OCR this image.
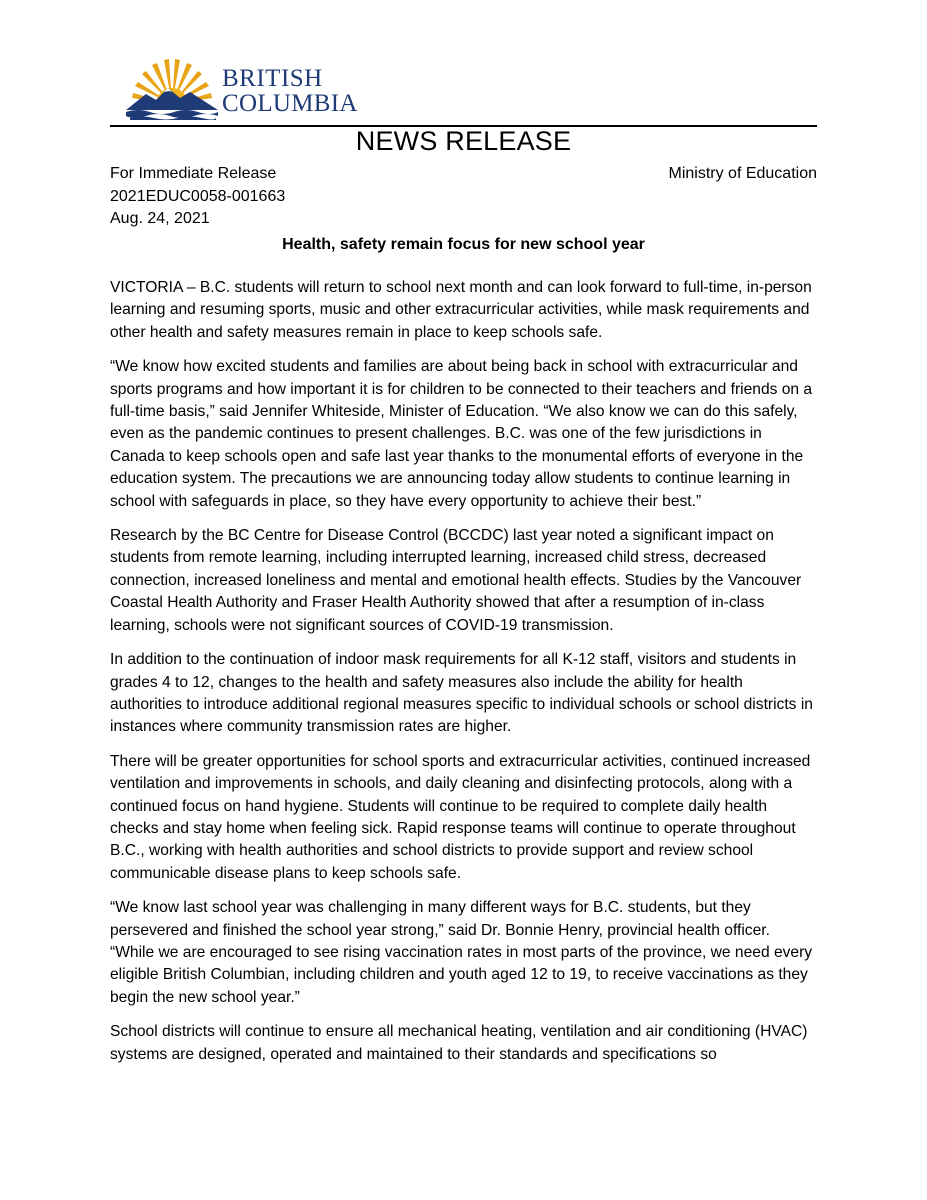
BRITISH
COLUMBIA
NEWS RELEASE
For Immediate Release
2021EDUC0058-001663
Aug. 24, 2021
Ministry of Education
Health, safety remain focus for new school year

VICTORIA – B.C. students will return to school next month and can look forward to full-time, in-person learning and resuming sports, music and other extracurricular activities, while mask requirements and other health and safety measures remain in place to keep schools safe.

“We know how excited students and families are about being back in school with extracurricular and sports programs and how important it is for children to be connected to their teachers and friends on a full-time basis,” said Jennifer Whiteside, Minister of Education. “We also know we can do this safely, even as the pandemic continues to present challenges. B.C. was one of the few jurisdictions in Canada to keep schools open and safe last year thanks to the monumental efforts of everyone in the education system. The precautions we are announcing today allow students to continue learning in school with safeguards in place, so they have every opportunity to achieve their best.”

Research by the BC Centre for Disease Control (BCCDC) last year noted a significant impact on students from remote learning, including interrupted learning, increased child stress, decreased connection, increased loneliness and mental and emotional health effects. Studies by the Vancouver Coastal Health Authority and Fraser Health Authority showed that after a resumption of in-class learning, schools were not significant sources of COVID-19 transmission.

In addition to the continuation of indoor mask requirements for all K-12 staff, visitors and students in grades 4 to 12, changes to the health and safety measures also include the ability for health authorities to introduce additional regional measures specific to individual schools or school districts in instances where community transmission rates are higher.

There will be greater opportunities for school sports and extracurricular activities, continued increased ventilation and improvements in schools, and daily cleaning and disinfecting protocols, along with a continued focus on hand hygiene. Students will continue to be required to complete daily health checks and stay home when feeling sick. Rapid response teams will continue to operate throughout B.C., working with health authorities and school districts to provide support and review school communicable disease plans to keep schools safe.

“We know last school year was challenging in many different ways for B.C. students, but they persevered and finished the school year strong,” said Dr. Bonnie Henry, provincial health officer. “While we are encouraged to see rising vaccination rates in most parts of the province, we need every eligible British Columbian, including children and youth aged 12 to 19, to receive vaccinations as they begin the new school year.”

School districts will continue to ensure all mechanical heating, ventilation and air conditioning (HVAC) systems are designed, operated and maintained to their standards and specifications so
